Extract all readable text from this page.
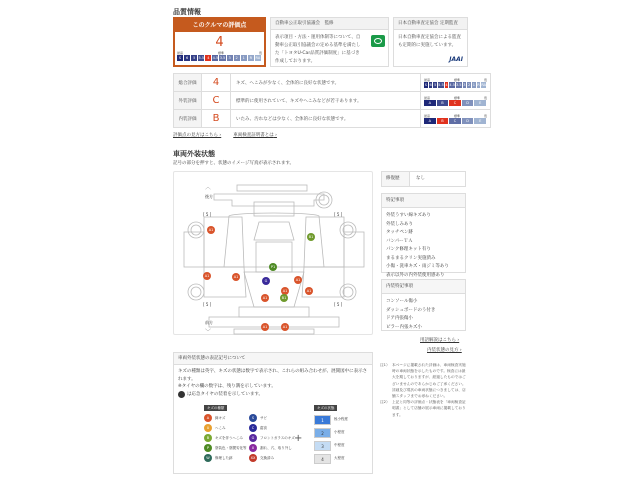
品質情報
このクルマの評価点
4
最高	標準	低
S	6	5 5.5 4 4.5 3.5 3	2	1	R	RA
自動車公正取引協議会　監修
表示項目・方法・運用体制等について、自動車公正取引協議会の定める基準を満たした「トヨタU-Car品質評価制度」に基づき作成しております。
日本自動車査定協会 定期監査
日本自動車査定協会による監査も定期的に実施しています。
JAAI
総合評価	4	キズ、へこみが少なく、全体的に良好な状態です。	
最高	標準	低
S 6 5 5.5 4 4.5 3.5 3 2 1 R RA

外装評価	C	標準的に使用されていて、キズやへこみなどが若干あります。	
最高	標準	低
A	B	C	D	E

内装評価	B	いたみ、汚れなどは少なく、全体的に良好な状態です。	
最高	標準	低
A	B	C	D	E
評価点の見方はこちら ›	車両検査証明書とは ›
車両外装状態
記号の部分を押すと、状態のイメージ写真が表示されます。
︿
後方
前方
﹀
[ 5 ]	[ 5 ]
[ 5 ]	[ 5 ]
A1
B1
P1
A1
A1
G	A1
A1
A1
A1	B1
A1	A1
修復歴	なし
特記事項
外装うすい線キズあり
外装しみあり
タッチペン跡
バンパーＴＡ
パンク修理キット有り
まるまるクリン実施済み
小傷・洗車キズ・雨ジミ等あり
表示以外の内外装使用感あり
内装特記事項
コンソール傷小
ダッシュボードのう付き
ドア内張傷小
ピラー内張キズ小
用語解説はこちら ›
内装状態の見方 ›
車両外装状態の表記記号について
キズの種類は英字、キズの状態は数字で表示され、これらの組み合わせが、展開図中に表示されます。
※タイヤの欄の数字は、残り溝を示しています。
は応急タイヤの装着を示しています。
キズの種類
A	線キズ	S	サビ
U	へこみ	C	腐食
B	キズを伴うへこみ	G	フロントガラスのキズ
P	塗装色・塗膜劣化等	X	割れ、穴、取り外し
W	修理した跡	XX	交換済み
+
キズの状態
1	極小程度
2	小程度
3	中程度
4	大程度
注1） 本ページに掲載された評価は、車両検査実施時の車両状態を示したものです。検査には最大を期しておりますが、経過したものではございませんのであらかじめご了承ください。詳細及び現状の車両状態につきましては、店舗スタッフまでお尋ねください。
注2） 上記と同等の評価点・状態表を「車両検査証明書」として店舗の展示車両に掲載しております。
